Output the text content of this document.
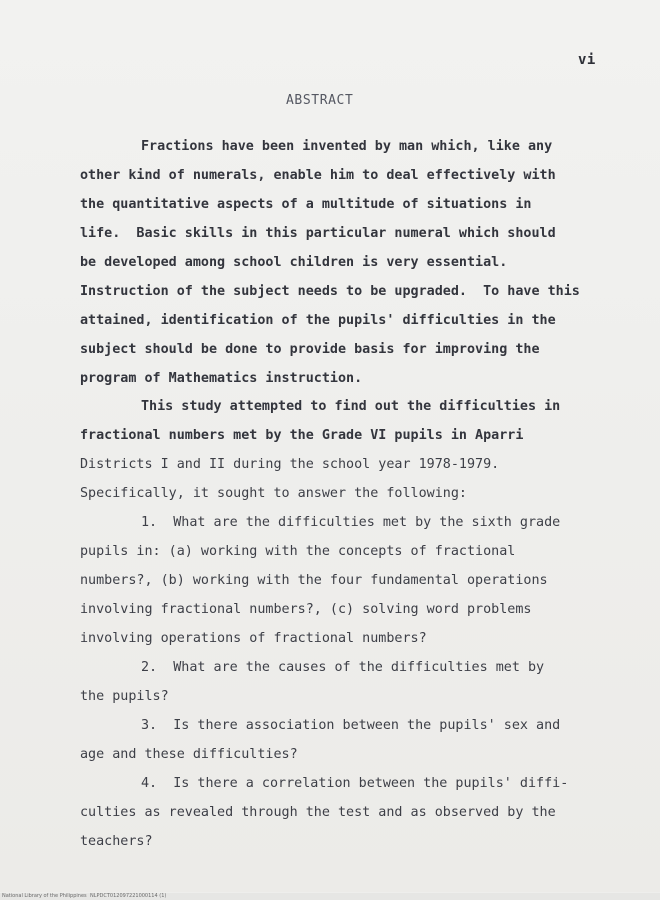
vi
ABSTRACT
Fractions have been invented by man which, like any
other kind of numerals, enable him to deal effectively with
the quantitative aspects of a multitude of situations in
life.  Basic skills in this particular numeral which should
be developed among school children is very essential.
Instruction of the subject needs to be upgraded.  To have this
attained, identification of the pupils' difficulties in the
subject should be done to provide basis for improving the
program of Mathematics instruction.
This study attempted to find out the difficulties in
fractional numbers met by the Grade VI pupils in Aparri
Districts I and II during the school year 1978-1979.
Specifically, it sought to answer the following:
1.  What are the difficulties met by the sixth grade
pupils in: (a) working with the concepts of fractional
numbers?, (b) working with the four fundamental operations
involving fractional numbers?, (c) solving word problems
involving operations of fractional numbers?
2.  What are the causes of the difficulties met by
the pupils?
3.  Is there association between the pupils' sex and
age and these difficulties?
4.  Is there a correlation between the pupils' diffi-
culties as revealed through the test and as observed by the
teachers?
National Library of the Philippines NLPDCT012097221000114 (1)
